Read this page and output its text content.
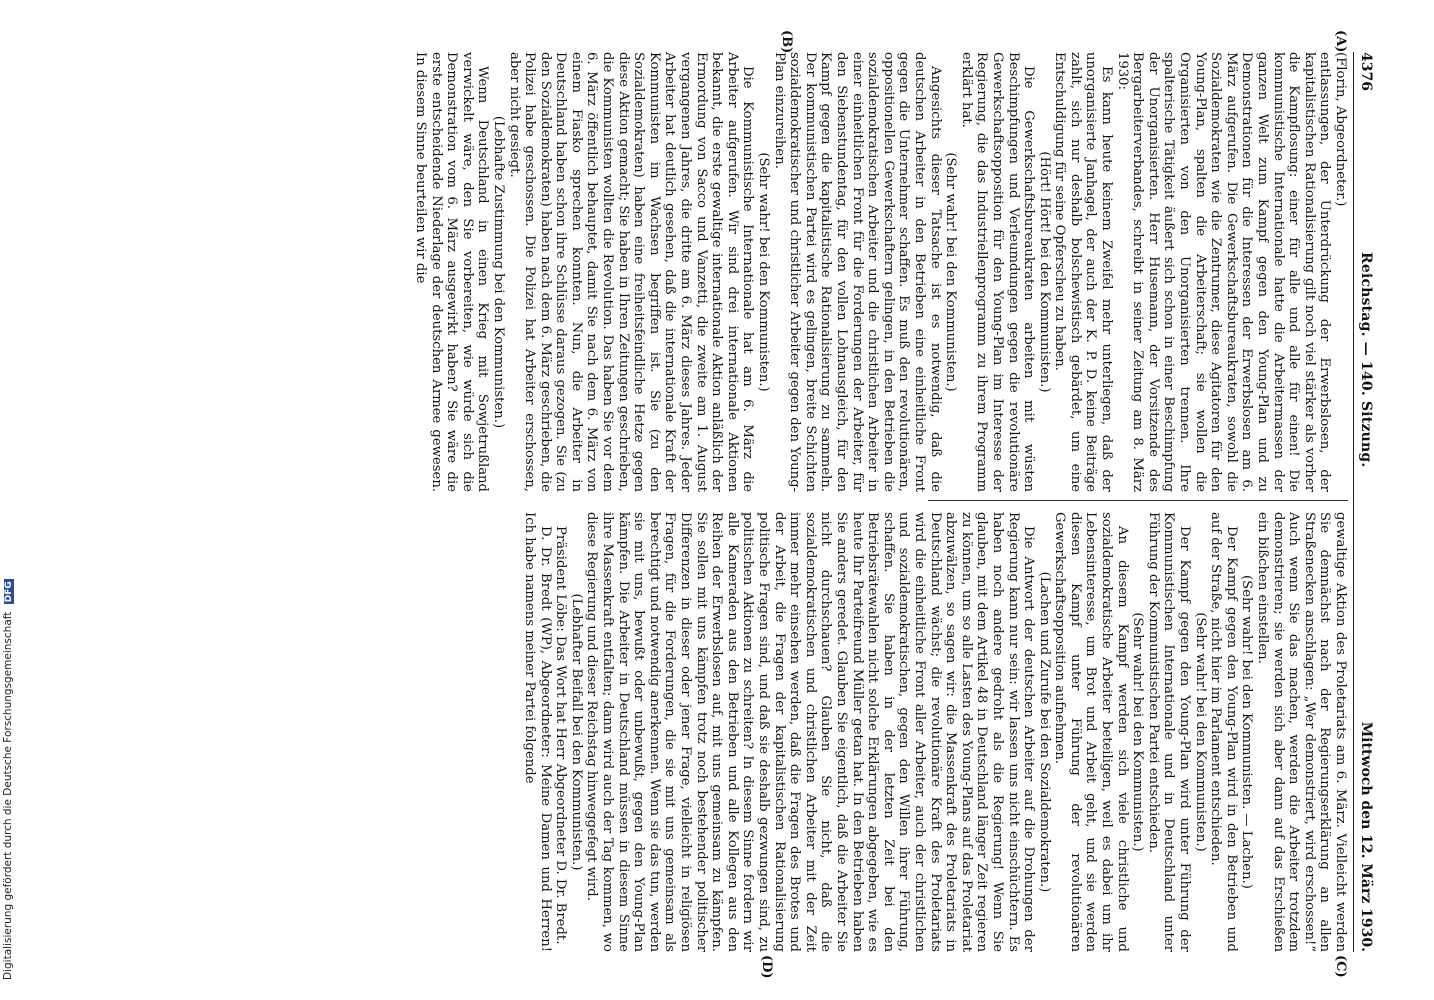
4376
Reichstag. — 140. Sitzung.
Mittwoch den 12. März 1930.
(A)
(B)
(C)
(D)

(Florin, Abgeordneter.)

entlassungen, der Unterdrückung der Erwerbslosen, der kapitalistischen Rationalisierung gilt noch viel stärker als vorher die Kampflosung: einer für alle und alle für einen! Die kommunistische Internationale hatte die Arbeitermassen der ganzen Welt zum Kampf gegen den Young-Plan und zu Demonstrationen für die Interessen der Erwerbslosen am 6. März aufgerufen. Die Gewerkschaftsbureaukraten, sowohl die Sozialdemokraten wie die Zentrumer, diese Agitatoren für den Young-Plan, spalten die Arbeiterschaft; sie wollen die Organisierten von den Unorganisierten trennen. Ihre spalterische Tätigkeit äußert sich schon in einer Beschimpfung der Unorganisierten. Herr Husemann, der Vorsitzende des Bergarbeiterverbandes, schreibt in seiner Zeitung am 8. März 1930:

Es kann heute keinem Zweifel mehr unterliegen, daß der unorganisierte Janhagel, der auch der K. P. D. keine Beiträge zahlt, sich nur deshalb bolschewistisch gebärdet, um eine Entschuldigung für seine Opferscheu zu haben.

(Hört! Hört! bei den Kommunisten.)

Die Gewerkschaftsbureaukraten arbeiten mit wüsten Beschimpfungen und Verleumdungen gegen die revolutionäre Gewerkschaftsopposition für den Young-Plan im Interesse der Regierung, die das Industriellenprogramm zu ihrem Programm erklärt hat.

(Sehr wahr! bei den Kommunisten.)

Angesichts dieser Tatsache ist es notwendig, daß die deutschen Arbeiter in den Betrieben eine einheitliche Front gegen die Unternehmer schaffen. Es muß den revolutionären, oppositionellen Gewerkschaftern gelingen, in den Betrieben die sozialdemokratischen Arbeiter und die christlichen Arbeiter in einer einheitlichen Front für die Forderungen der Arbeiter, für den Siebenstundentag, für den vollen Lohnausgleich, für den Kampf gegen die kapitalistische Rationalisierung zu sammeln. Der kommunistischen Partei wird es gelingen, breite Schichten sozialdemokratischer und christlicher Arbeiter gegen den Young-Plan einzureihen.

(Sehr wahr! bei den Kommunisten.)

Die Kommunistische Internationale hat am 6. März die Arbeiter aufgerufen. Wir sind drei internationale Aktionen bekannt, die erste gewaltige internationale Aktion anläßlich der Ermordung von Sacco und Vanzetti, die zweite am 1. August vergangenen Jahres, die dritte am 6. März dieses Jahres. Jeder Arbeiter hat deutlich gesehen, daß die internationale Kraft der Kommunisten im Wachsen begriffen ist. Sie (zu den Sozialdemokraten) haben eine freiheitsfeindliche Hetze gegen diese Aktion gemacht; Sie haben in Ihren Zeitungen geschrieben, die Kommunisten wollten die Revolution. Das haben Sie vor dem 6. März öffentlich behauptet, damit Sie nach dem 6. März von einem Fiasko sprechen konnten. Nun, die Arbeiter in Deutschland haben schon ihre Schlüsse daraus gezogen. Sie (zu den Sozialdemokraten) haben nach dem 6. März geschrieben, die Polizei habe geschossen. Die Polizei hat Arbeiter erschossen, aber nicht gesiegt.

(Lebhafte Zustimmung bei den Kommunisten.)

Wenn Deutschland in einen Krieg mit Sowjetrußland verwickelt wäre, den Sie vorbereiten, wie würde sich die Demonstration vom 6. März ausgewirkt haben? Sie wäre die erste entscheidende Niederlage der deutschen Armee gewesen. In diesem Sinne beurteilen wir die

gewaltige Aktion des Proletariats am 6. März. Vielleicht werden Sie demnächst nach der Regierungserklärung an allen Straßenecken anschlagen: „Wer demonstriert, wird erschossen!“ Auch wenn Sie das machen, werden die Arbeiter trotzdem demonstrieren; sie werden sich aber dann auf das Erschießen ein bißchen einstellen.

(Sehr wahr! bei den Kommunisten. — Lachen.)

Der Kampf gegen den Young-Plan wird in den Betrieben und auf der Straße, nicht hier im Parlament entschieden.

(Sehr wahr! bei den Kommunisten.)

Der Kampf gegen den Young-Plan wird unter Führung der Kommunistischen Internationale und in Deutschland unter Führung der Kommunistischen Partei entschieden.

(Sehr wahr! bei den Kommunisten.)

An diesem Kampf werden sich viele christliche und sozialdemokratische Arbeiter beteiligen, weil es dabei um ihr Lebensinteresse, um Brot und Arbeit geht, und sie werden diesen Kampf unter Führung der revolutionären Gewerkschaftsopposition aufnehmen.

(Lachen und Zurufe bei den Sozialdemokraten.)

Die Antwort der deutschen Arbeiter auf die Drohungen der Regierung kann nur sein: wir lassen uns nicht einschüchtern. Es haben noch andere gedroht als die Regierung! Wenn Sie glauben, mit dem Artikel 48 in Deutschland länger Zeit regieren zu können, um so alle Lasten des Young-Plans auf das Proletariat abzuwälzen, so sagen wir: die Massenkraft des Proletariats in Deutschland wächst; die revolutionäre Kraft des Proletariats wird die einheitliche Front aller Arbeiter, auch der christlichen und sozialdemokratischen, gegen den Willen ihrer Führung, schaffen. Sie haben in der letzten Zeit bei den Betriebsrätewahlen nicht solche Erklärungen abgegeben, wie es heute Ihr Parteifreund Müller getan hat. In den Betrieben haben Sie anders geredet. Glauben Sie eigentlich, daß die Arbeiter Sie nicht durchschauen? Glauben Sie nicht, daß die sozialdemokratischen und christlichen Arbeiter mit der Zeit immer mehr einsehen werden, daß die Fragen des Brotes und der Arbeit, die Fragen der kapitalistischen Rationalisierung politische Fragen sind, und daß sie deshalb gezwungen sind, zu politischen Aktionen zu schreiten? In diesem Sinne fordern wir alle Kameraden aus den Betrieben und alle Kollegen aus den Reihen der Erwerbslosen auf, mit uns gemeinsam zu kämpfen. Sie sollen mit uns kämpfen trotz noch bestehender politischer Differenzen in dieser oder jener Frage, vielleicht in religiösen Fragen, für die Forderungen, die sie mit uns gemeinsam als berechtigt und notwendig anerkennen. Wenn sie das tun, werden sie mit uns, bewußt oder unbewußt, gegen den Young-Plan kämpfen. Die Arbeiter in Deutschland müssen in diesem Sinne ihre Massenkraft entfalten; dann wird auch der Tag kommen, wo diese Regierung und dieser Reichstag hinweggefegt wird.

(Lebhafter Beifall bei den Kommunisten.)

Präsident Löbe: Das Wort hat Herr Abgeordneter D. Dr. Bredt.

D. Dr. Bredt (WP), Abgeordneter: Meine Damen und Herren! Ich habe namens meiner Partei folgende

Digitalisierung gefördert durch die Deutsche Forschungsgemeinschaft DFG
